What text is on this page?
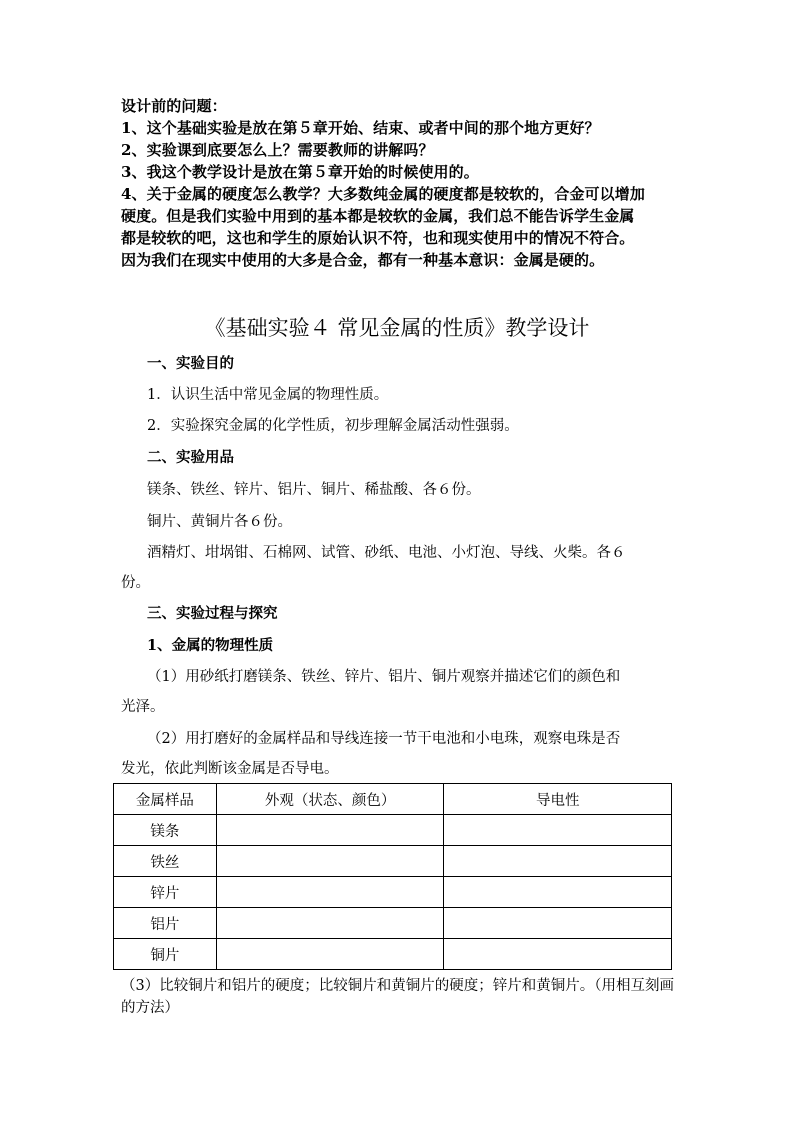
设计前的问题：
1、这个基础实验是放在第５章开始、结束、或者中间的那个地方更好？
2、实验课到底要怎么上？需要教师的讲解吗？
3、我这个教学设计是放在第５章开始的时候使用的。
4、关于金属的硬度怎么教学？大多数纯金属的硬度都是较软的，合金可以增加
硬度。但是我们实验中用到的基本都是较软的金属，我们总不能告诉学生金属
都是较软的吧，这也和学生的原始认识不符，也和现实使用中的情况不符合。
因为我们在现实中使用的大多是合金，都有一种基本意识：金属是硬的。
《基础实验４ 常见金属的性质》教学设计
一、实验目的
1．认识生活中常见金属的物理性质。
2．实验探究金属的化学性质，初步理解金属活动性强弱。
二、实验用品
镁条、铁丝、锌片、铝片、铜片、稀盐酸、各６份。
铜片、黄铜片各６份。
酒精灯、坩埚钳、石棉网、试管、砂纸、电池、小灯泡、导线、火柴。各６
份。
三、实验过程与探究
1、金属的物理性质
（1）用砂纸打磨镁条、铁丝、锌片、铝片、铜片观察并描述它们的颜色和
光泽。
（2）用打磨好的金属样品和导线连接一节干电池和小电珠，观察电珠是否
发光，依此判断该金属是否导电。
金属样品	外观（状态、颜色）	导电性
镁条		
铁丝		
锌片		
铝片		
铜片		
（3）比较铜片和铝片的硬度；比较铜片和黄铜片的硬度；锌片和黄铜片。（用相互刻画的方法）
